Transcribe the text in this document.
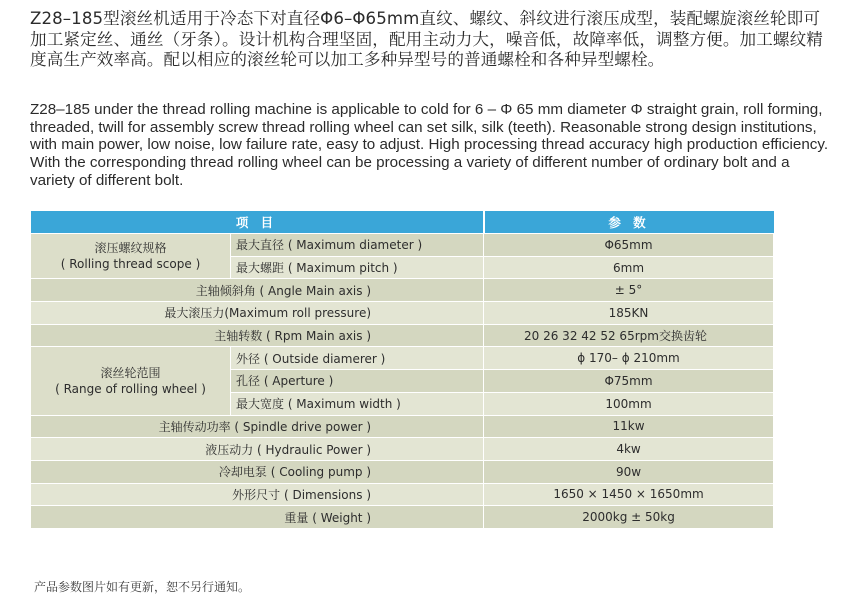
Z28–185型滚丝机适用于冷态下对直径Φ6–Φ65mm直纹、螺纹、斜纹进行滚压成型，装配螺旋滚丝轮即可加工紧定丝、通丝（牙条）。设计机构合理坚固，配用主动力大，噪音低，故障率低，调整方便。加工螺纹精度高生产效率高。配以相应的滚丝轮可以加工多种异型号的普通螺栓和各种异型螺栓。
Z28–185 under the thread rolling machine is applicable to cold for 6 – Φ 65 mm diameter Φ straight grain, roll forming, threaded, twill for assembly screw thread rolling wheel can set silk, silk (teeth). Reasonable strong design institutions, with main power, low noise, low failure rate, easy to adjust. High processing thread accuracy high production efficiency. With the corresponding thread rolling wheel can be processing a variety of different number of ordinary bolt and a variety of different bolt.
项 目		参 数

滚压螺纹规格
( Rolling thread scope )	最大直径 ( Maximum diameter )	Φ65mm
	最大螺距 ( Maximum pitch )	6mm
主轴倾斜角 ( Angle Main axis )		± 5°
最大滚压力(Maximum roll pressure)		185KN
主轴转数 ( Rpm Main axis )		20 26 32 42 52 65rpm交换齿轮

滚丝轮范围
( Range of rolling wheel )	外径 ( Outside diamerer )	ϕ 170– ϕ 210mm
	孔径 ( Aperture )	Φ75mm
	最大宽度 ( Maximum width )	100mm
主轴传动功率 ( Spindle drive power )		11kw
液压动力 ( Hydraulic Power )		4kw
冷却电泵 ( Cooling pump )		90w
外形尺寸 ( Dimensions )		1650 × 1450 × 1650mm
重量 ( Weight )		2000kg ± 50kg
产品参数图片如有更新，恕不另行通知。
